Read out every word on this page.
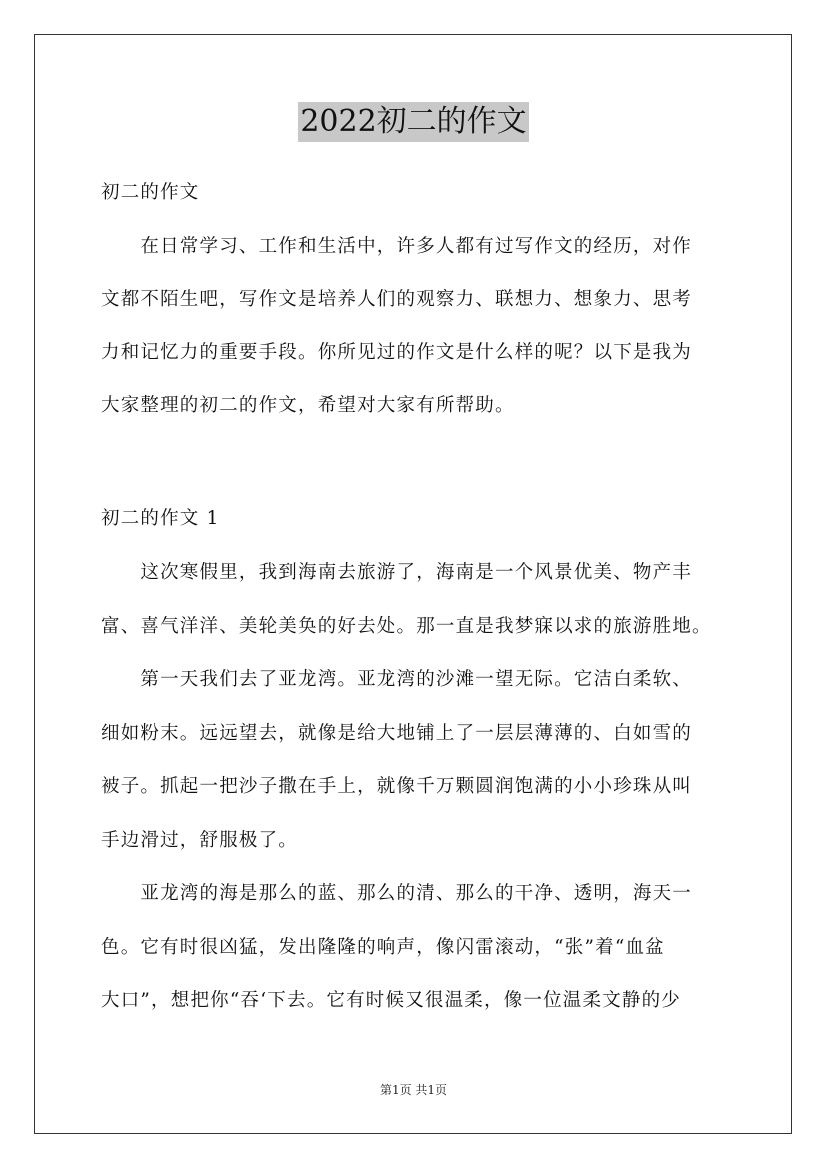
2022初二的作文
初二的作文
　　在日常学习、工作和生活中，许多人都有过写作文的经历，对作
文都不陌生吧，写作文是培养人们的观察力、联想力、想象力、思考
力和记忆力的重要手段。你所见过的作文是什么样的呢？以下是我为
大家整理的初二的作文，希望对大家有所帮助。
初二的作文 1
　　这次寒假里，我到海南去旅游了，海南是一个风景优美、物产丰
富、喜气洋洋、美轮美奂的好去处。那一直是我梦寐以求的旅游胜地。
　　第一天我们去了亚龙湾。亚龙湾的沙滩一望无际。它洁白柔软、
细如粉末。远远望去，就像是给大地铺上了一层层薄薄的、白如雪的
被子。抓起一把沙子撒在手上，就像千万颗圆润饱满的小小珍珠从叫
手边滑过，舒服极了。
　　亚龙湾的海是那么的蓝、那么的清、那么的干净、透明，海天一
色。它有时很凶猛，发出隆隆的响声，像闪雷滚动，“张”着“血盆
大口”，想把你“吞‘下去。它有时候又很温柔，像一位温柔文静的少
第1页 共1页
